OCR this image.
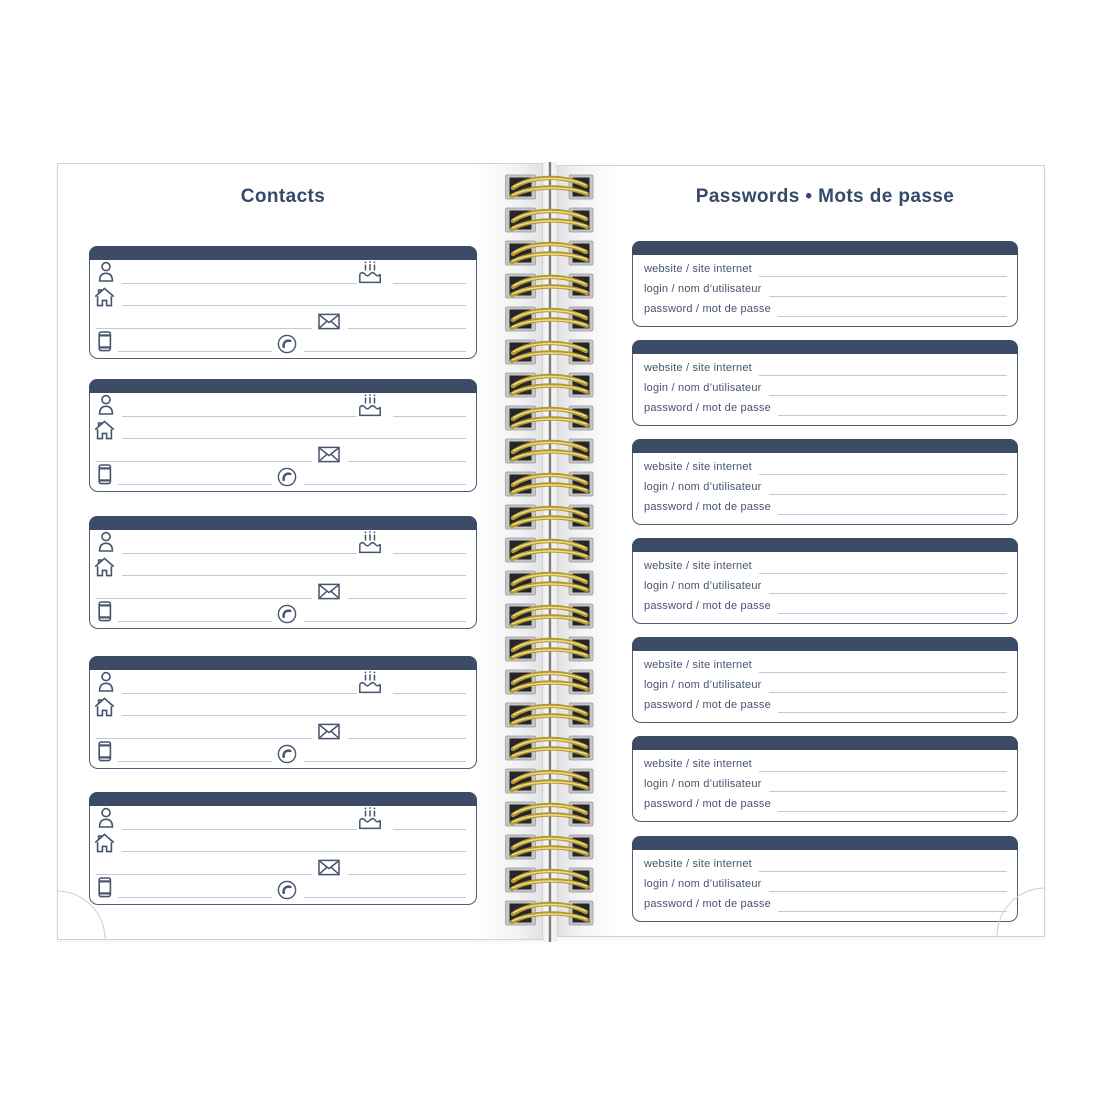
Contacts	Passwords • Mots de passe
website / site internet
login / nom d’utilisateur
password / mot de passe
website / site internet
login / nom d’utilisateur
password / mot de passe
website / site internet
login / nom d’utilisateur
password / mot de passe
website / site internet
login / nom d’utilisateur
password / mot de passe
website / site internet
login / nom d’utilisateur
password / mot de passe
website / site internet
login / nom d’utilisateur
password / mot de passe
website / site internet
login / nom d’utilisateur
password / mot de passe
